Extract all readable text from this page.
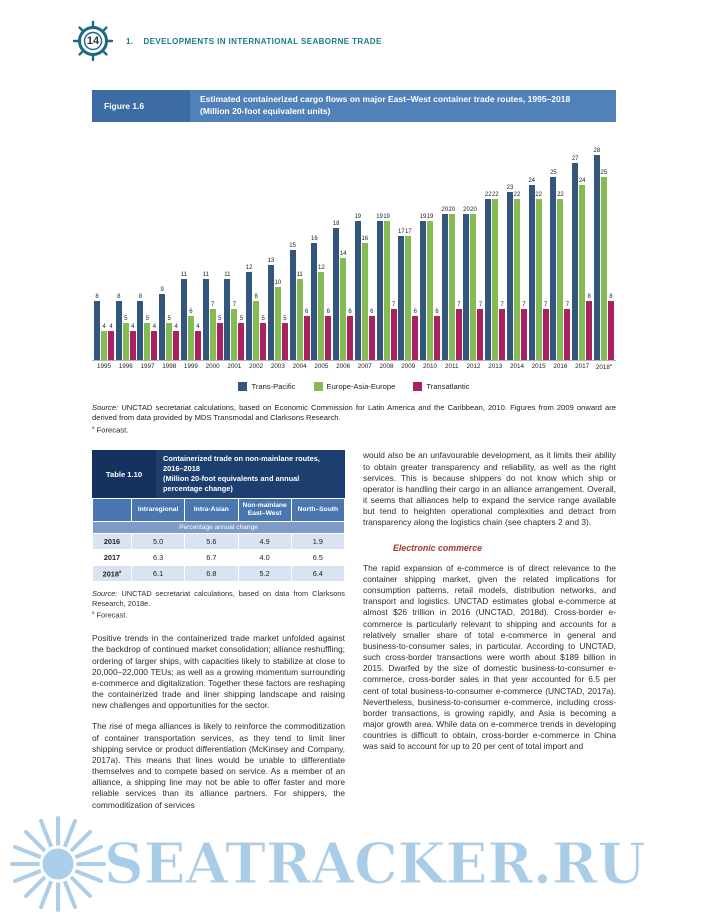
14	1. DEVELOPMENTS IN INTERNATIONAL SEABORNE TRADE
Figure 1.6
Estimated containerized cargo flows on major East–West container trade routes, 1995–2018
(Million 20-foot equivalent units)
8
4 4
8
5
4
8
5
4
9
5
4
11
6
4
11
7
5
11
7
5
12
8
5
13
10
5
15
11
6
16
12
6
18
14
6
19
16
6
19 19
7
17 17
6
19 19
6
20 20
7
20 20
7
22 22
7
23
22
7
24
22
7
25
22
7
27
24
8
28
25
8
1995	1996	1997	1998	1999	2000	2001	2002	2003	2004	2005	2006	2007	2008	2009	2010	2011	2012	2013	2014	2015	2016	2017	2018$^a$
Trans-Pacific	Europe-Asia-Europe	Transatlantic
Source: UNCTAD secretariat calculations, based on Economic Commission for Latin America and the Caribbean, 2010. Figures from 2009 onward are derived from data provided by MDS Transmodal and Clarksons Research.
$^a$ Forecast.
Table 1.10
Containerized trade on non-mainlane routes, 2016–2018
(Million 20-foot equivalents and annual percentage change)
	Intraregional	Intra-Asian	Non-mainlane East–West	North–South
Percentage annual change				
2016	5.0	5.6	4.9	1.9
2017	6.3	6.7	4.0	6.5
2018$^a$	6.1	6.8	5.2	6.4
Source: UNCTAD secretariat calculations, based on data from Clarksons Research, 2018e.
$^a$ Forecast.
Positive trends in the containerized trade market unfolded against the backdrop of continued market consolidation; alliance reshuffling; ordering of larger ships, with capacities likely to stabilize at close to 20,000–22,000 TEUs; as well as a growing momentum surrounding e-commerce and digitalization. Together these factors are reshaping the containerized trade and liner shipping landscape and raising new challenges and opportunities for the sector.
The rise of mega alliances is likely to reinforce the commoditization of container transportation services, as they tend to limit liner shipping service or product differentiation (McKinsey and Company, 2017a). This means that lines would be unable to differentiate themselves and to compete based on service. As a member of an alliance, a shipping line may not be able to offer faster and more reliable services than its alliance partners. For shippers, the commoditization of services
would also be an unfavourable development, as it limits their ability to obtain greater transparency and reliability, as well as the right services. This is because shippers do not know which ship or operator is handling their cargo in an alliance arrangement. Overall, it seems that alliances help to expand the service range available but tend to heighten operational complexities and detract from transparency along the logistics chain (see chapters 2 and 3).
Electronic commerce
The rapid expansion of e-commerce is of direct relevance to the container shipping market, given the related implications for consumption patterns, retail models, distribution networks, and transport and logistics. UNCTAD estimates global e-commerce at almost $26 trillion in 2016 (UNCTAD, 2018d). Cross-border e-commerce is particularly relevant to shipping and accounts for a relatively smaller share of total e-commerce in general and business-to-consumer sales, in particular. According to UNCTAD, such cross-border transactions were worth about $189 billion in 2015. Dwarfed by the size of domestic business-to-consumer e-commerce, cross-border sales in that year accounted for 6.5 per cent of total business-to-consumer e-commerce (UNCTAD, 2017a). Nevertheless, business-to-consumer e-commerce, including cross-border transactions, is growing rapidly, and Asia is becoming a major growth area. While data on e-commerce trends in developing countries is difficult to obtain, cross-border e-commerce in China was said to account for up to 20 per cent of total import and
SEATRACKER.RU
